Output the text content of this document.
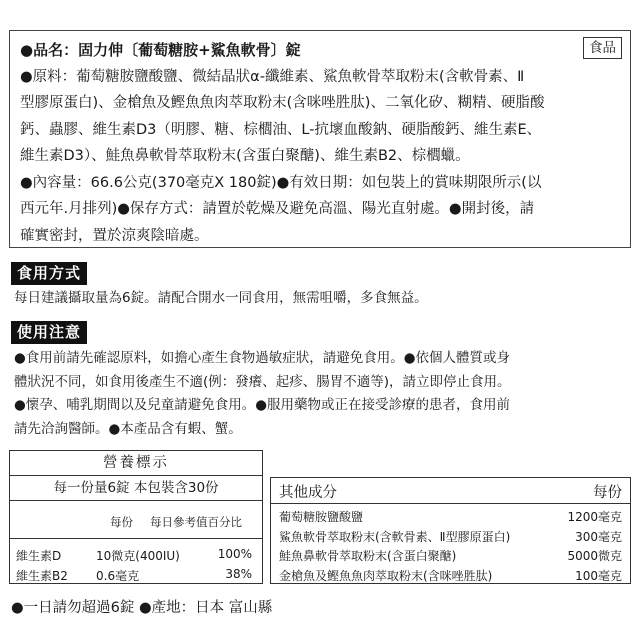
食品
●品名：固力伸〔葡萄糖胺+鯊魚軟骨〕錠
●原料：葡萄糖胺鹽酸鹽、微結晶狀α-纖維素、鯊魚軟骨萃取粉末(含軟骨素、Ⅱ
型膠原蛋白)、金槍魚及鰹魚魚肉萃取粉末(含咪唑胜肽)、二氧化矽、糊精、硬脂酸
鈣、蟲膠、維生素D3（明膠、糖、棕櫚油、L-抗壞血酸鈉、硬脂酸鈣、維生素E、
維生素D3）、鮭魚鼻軟骨萃取粉末(含蛋白聚醣)、維生素B2、棕櫚蠟。
●內容量：66.6公克(370毫克X 180錠)●有效日期：如包裝上的賞味期限所示(以
西元年.月排列)●保存方式：請置於乾燥及避免高溫、陽光直射處。●開封後，請
確實密封，置於涼爽陰暗處。
食用方式
每日建議攝取量為6錠。請配合開水一同食用，無需咀嚼，多食無益。
使用注意
●食用前請先確認原料，如擔心產生食物過敏症狀，請避免食用。●依個人體質或身
體狀況不同，如食用後產生不適(例：發癢、起疹、腸胃不適等)，請立即停止食用。
●懷孕、哺乳期間以及兒童請避免食用。●服用藥物或正在接受診療的患者，食用前
請先洽詢醫師。●本產品含有蝦、蟹。
營養標示
每一份量6錠 本包裝含30份
每份 每日參考值百分比
維生素D	10微克(400IU)	100%
維生素B2 0.6毫克	38%
其他成分	每份
葡萄糖胺鹽酸鹽	1200毫克
鯊魚軟骨萃取粉末(含軟骨素、Ⅱ型膠原蛋白)	300毫克
鮭魚鼻軟骨萃取粉末(含蛋白聚醣)	5000微克
金槍魚及鰹魚魚肉萃取粉末(含咪唑胜肽)	100毫克
●一日請勿超過6錠 ●產地：日本 富山縣
